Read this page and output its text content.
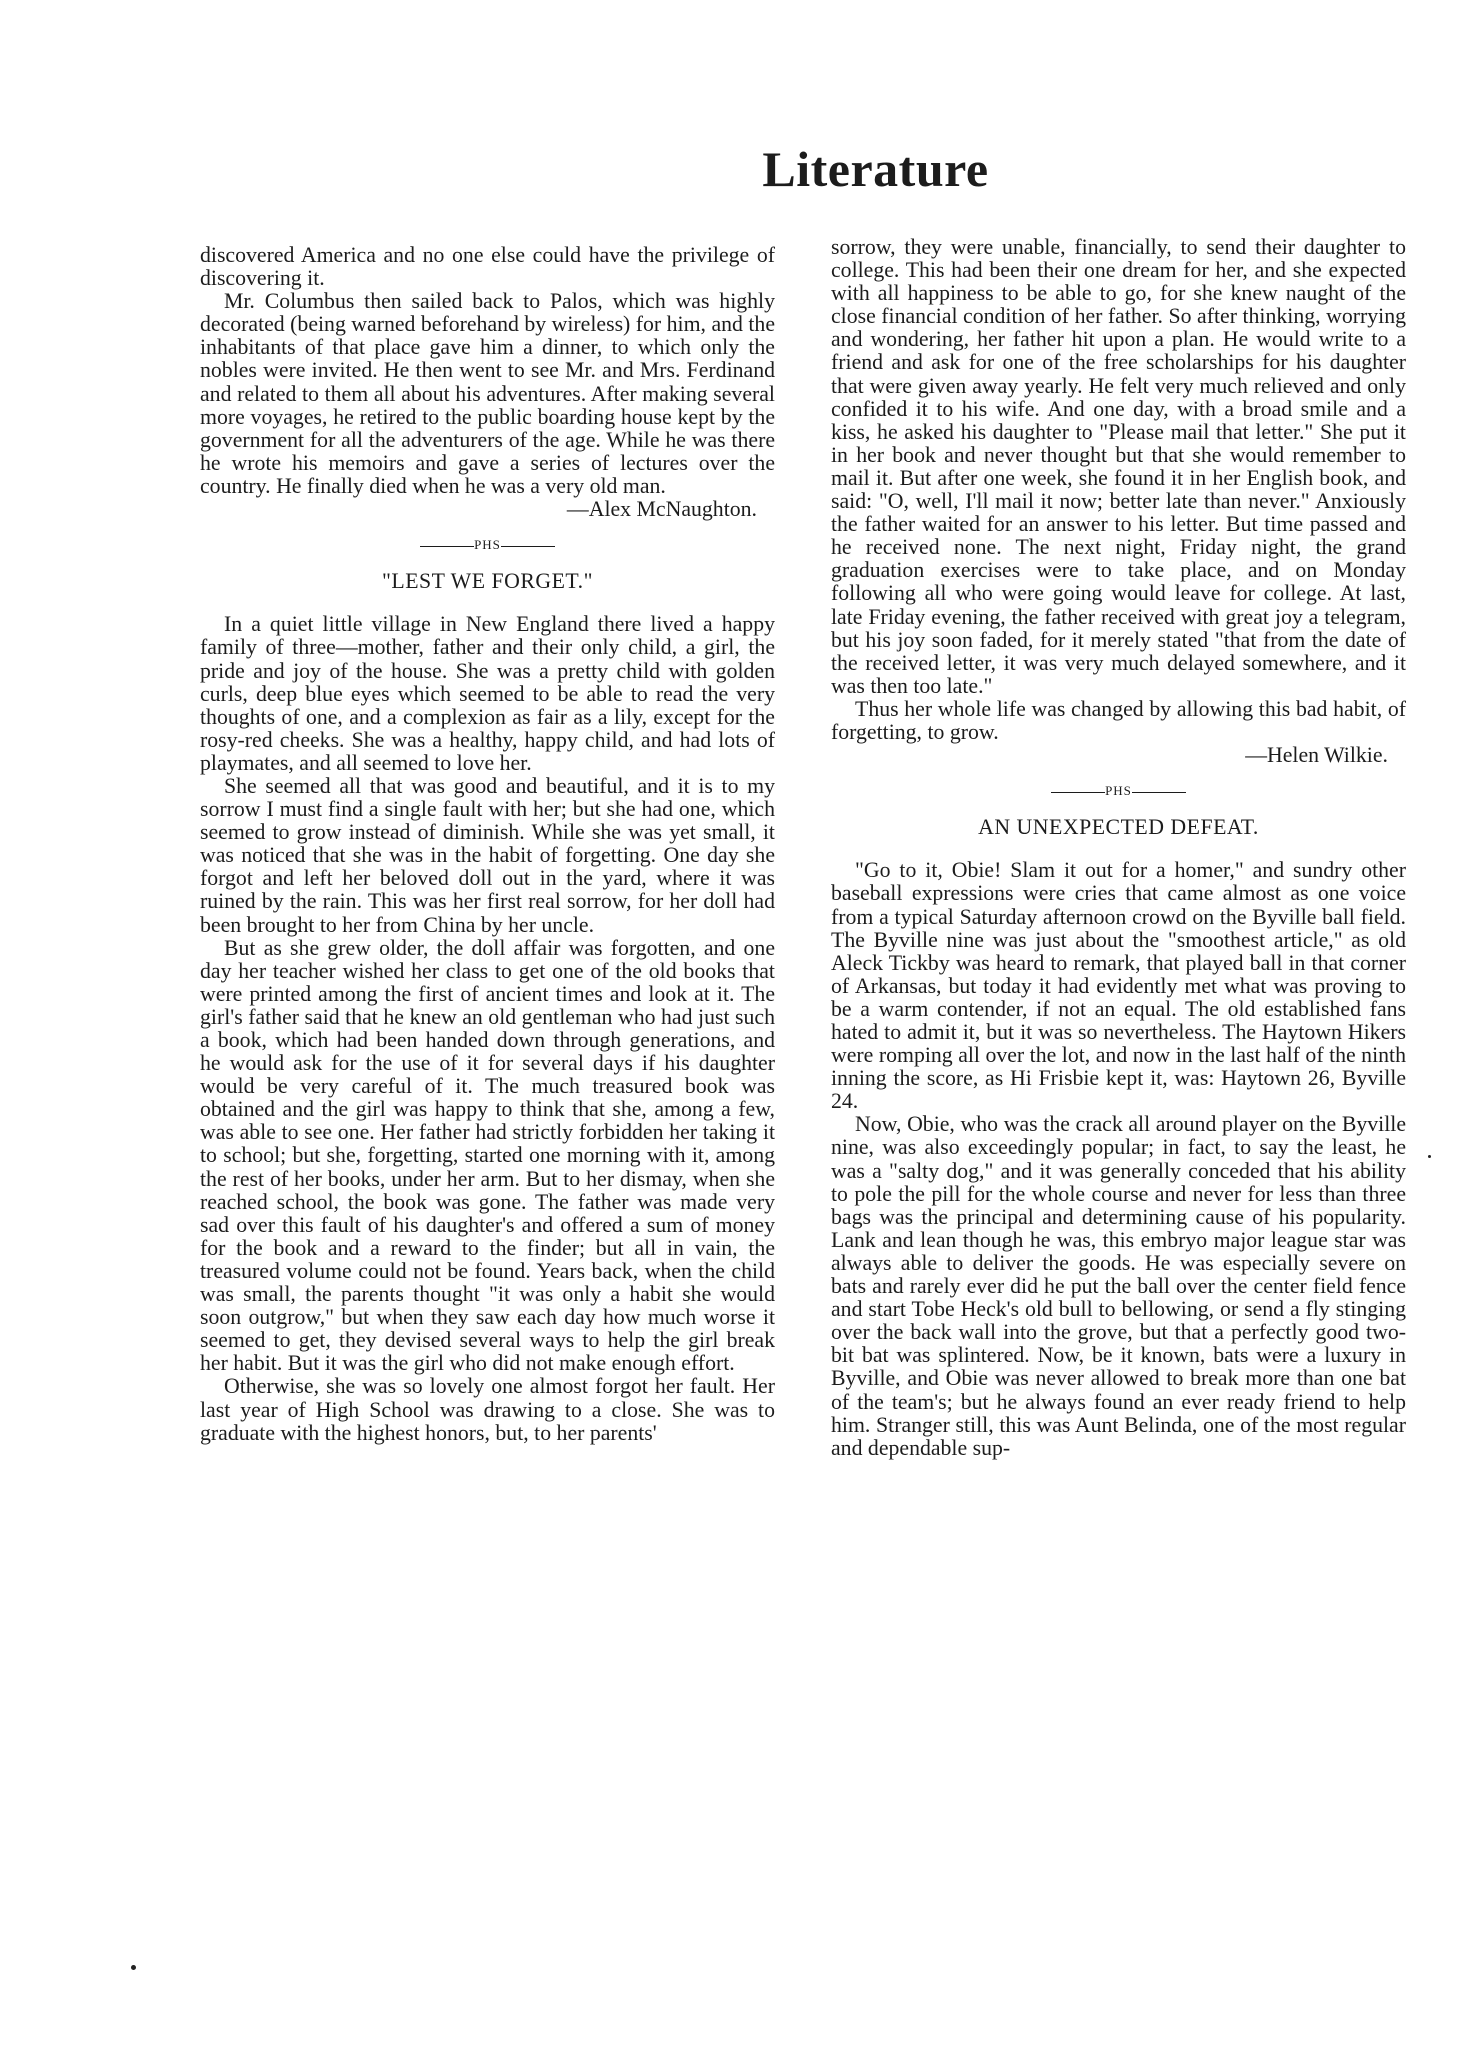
Literature

discovered America and no one else could have the privilege of discovering it.

Mr. Columbus then sailed back to Palos, which was highly decorated (being warned beforehand by wireless) for him, and the inhabitants of that place gave him a dinner, to which only the nobles were invited. He then went to see Mr. and Mrs. Ferdinand and related to them all about his adventures. After making several more voyages, he retired to the public boarding house kept by the government for all the adventurers of the age. While he was there he wrote his memoirs and gave a series of lectures over the country. He finally died when he was a very old man.

—Alex McNaughton.

PHS
"LEST WE FORGET."

In a quiet little village in New England there lived a happy family of three—mother, father and their only child, a girl, the pride and joy of the house. She was a pretty child with golden curls, deep blue eyes which seemed to be able to read the very thoughts of one, and a complexion as fair as a lily, except for the rosy-red cheeks. She was a healthy, happy child, and had lots of playmates, and all seemed to love her.

She seemed all that was good and beautiful, and it is to my sorrow I must find a single fault with her; but she had one, which seemed to grow instead of diminish. While she was yet small, it was noticed that she was in the habit of forgetting. One day she forgot and left her beloved doll out in the yard, where it was ruined by the rain. This was her first real sorrow, for her doll had been brought to her from China by her uncle.

But as she grew older, the doll affair was forgotten, and one day her teacher wished her class to get one of the old books that were printed among the first of ancient times and look at it. The girl's father said that he knew an old gentleman who had just such a book, which had been handed down through generations, and he would ask for the use of it for several days if his daughter would be very careful of it. The much treasured book was obtained and the girl was happy to think that she, among a few, was able to see one. Her father had strictly forbidden her taking it to school; but she, forgetting, started one morning with it, among the rest of her books, under her arm. But to her dismay, when she reached school, the book was gone. The father was made very sad over this fault of his daughter's and offered a sum of money for the book and a reward to the finder; but all in vain, the treasured volume could not be found. Years back, when the child was small, the parents thought "it was only a habit she would soon outgrow," but when they saw each day how much worse it seemed to get, they devised several ways to help the girl break her habit. But it was the girl who did not make enough effort.

Otherwise, she was so lovely one almost forgot her fault. Her last year of High School was drawing to a close. She was to graduate with the highest honors, but, to her parents'

sorrow, they were unable, financially, to send their daughter to college. This had been their one dream for her, and she expected with all happiness to be able to go, for she knew naught of the close financial condition of her father. So after thinking, worrying and wondering, her father hit upon a plan. He would write to a friend and ask for one of the free scholarships for his daughter that were given away yearly. He felt very much relieved and only confided it to his wife. And one day, with a broad smile and a kiss, he asked his daughter to "Please mail that letter." She put it in her book and never thought but that she would remember to mail it. But after one week, she found it in her English book, and said: "O, well, I'll mail it now; better late than never." Anxiously the father waited for an answer to his letter. But time passed and he received none. The next night, Friday night, the grand graduation exercises were to take place, and on Monday following all who were going would leave for college. At last, late Friday evening, the father received with great joy a telegram, but his joy soon faded, for it merely stated "that from the date of the received letter, it was very much delayed somewhere, and it was then too late."

Thus her whole life was changed by allowing this bad habit, of forgetting, to grow.

—Helen Wilkie.

PHS
AN UNEXPECTED DEFEAT.

"Go to it, Obie! Slam it out for a homer," and sundry other baseball expressions were cries that came almost as one voice from a typical Saturday afternoon crowd on the Byville ball field. The Byville nine was just about the "smoothest article," as old Aleck Tickby was heard to remark, that played ball in that corner of Arkansas, but today it had evidently met what was proving to be a warm contender, if not an equal. The old established fans hated to admit it, but it was so nevertheless. The Haytown Hikers were romping all over the lot, and now in the last half of the ninth inning the score, as Hi Frisbie kept it, was: Haytown 26, Byville 24.

Now, Obie, who was the crack all around player on the Byville nine, was also exceedingly popular; in fact, to say the least, he was a "salty dog," and it was generally conceded that his ability to pole the pill for the whole course and never for less than three bags was the principal and determining cause of his popularity. Lank and lean though he was, this embryo major league star was always able to deliver the goods. He was especially severe on bats and rarely ever did he put the ball over the center field fence and start Tobe Heck's old bull to bellowing, or send a fly stinging over the back wall into the grove, but that a perfectly good two-bit bat was splintered. Now, be it known, bats were a luxury in Byville, and Obie was never allowed to break more than one bat of the team's; but he always found an ever ready friend to help him. Stranger still, this was Aunt Belinda, one of the most regular and dependable sup-
